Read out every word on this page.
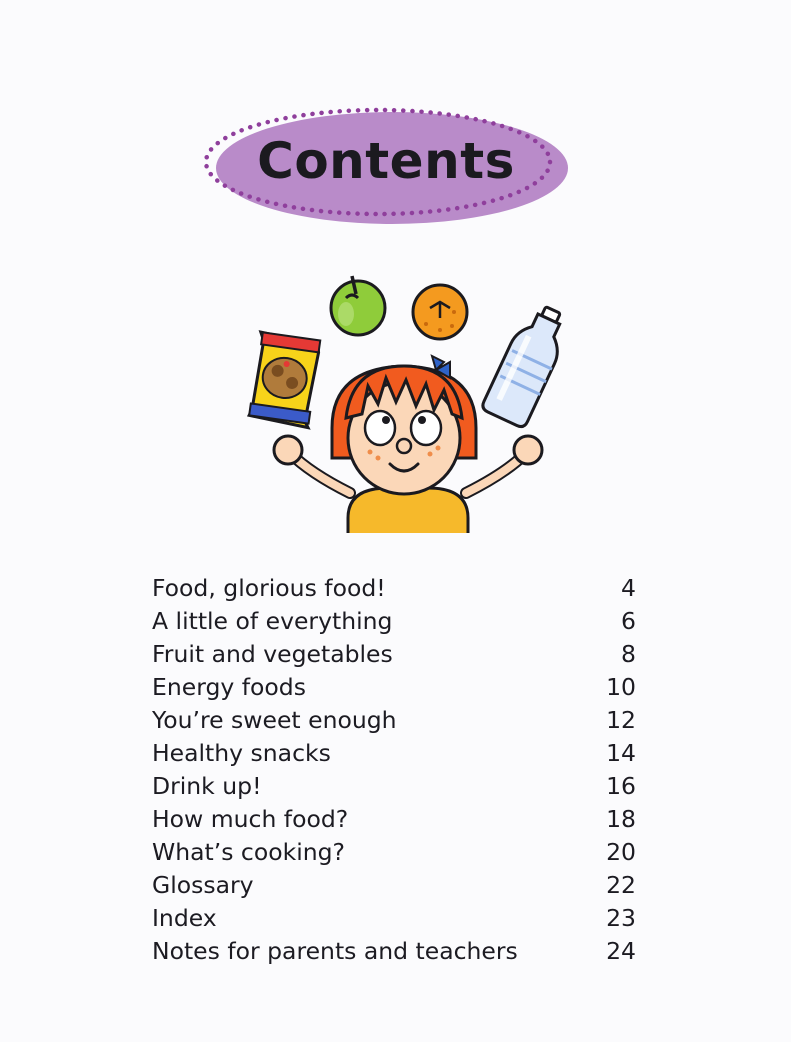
Contents
Food, glorious food!	4
A little of everything	6
Fruit and vegetables	8
Energy foods	10
You’re sweet enough	12
Healthy snacks	14
Drink up!	16
How much food?	18
What’s cooking?	20
Glossary	22
Index	23
Notes for parents and teachers	24
